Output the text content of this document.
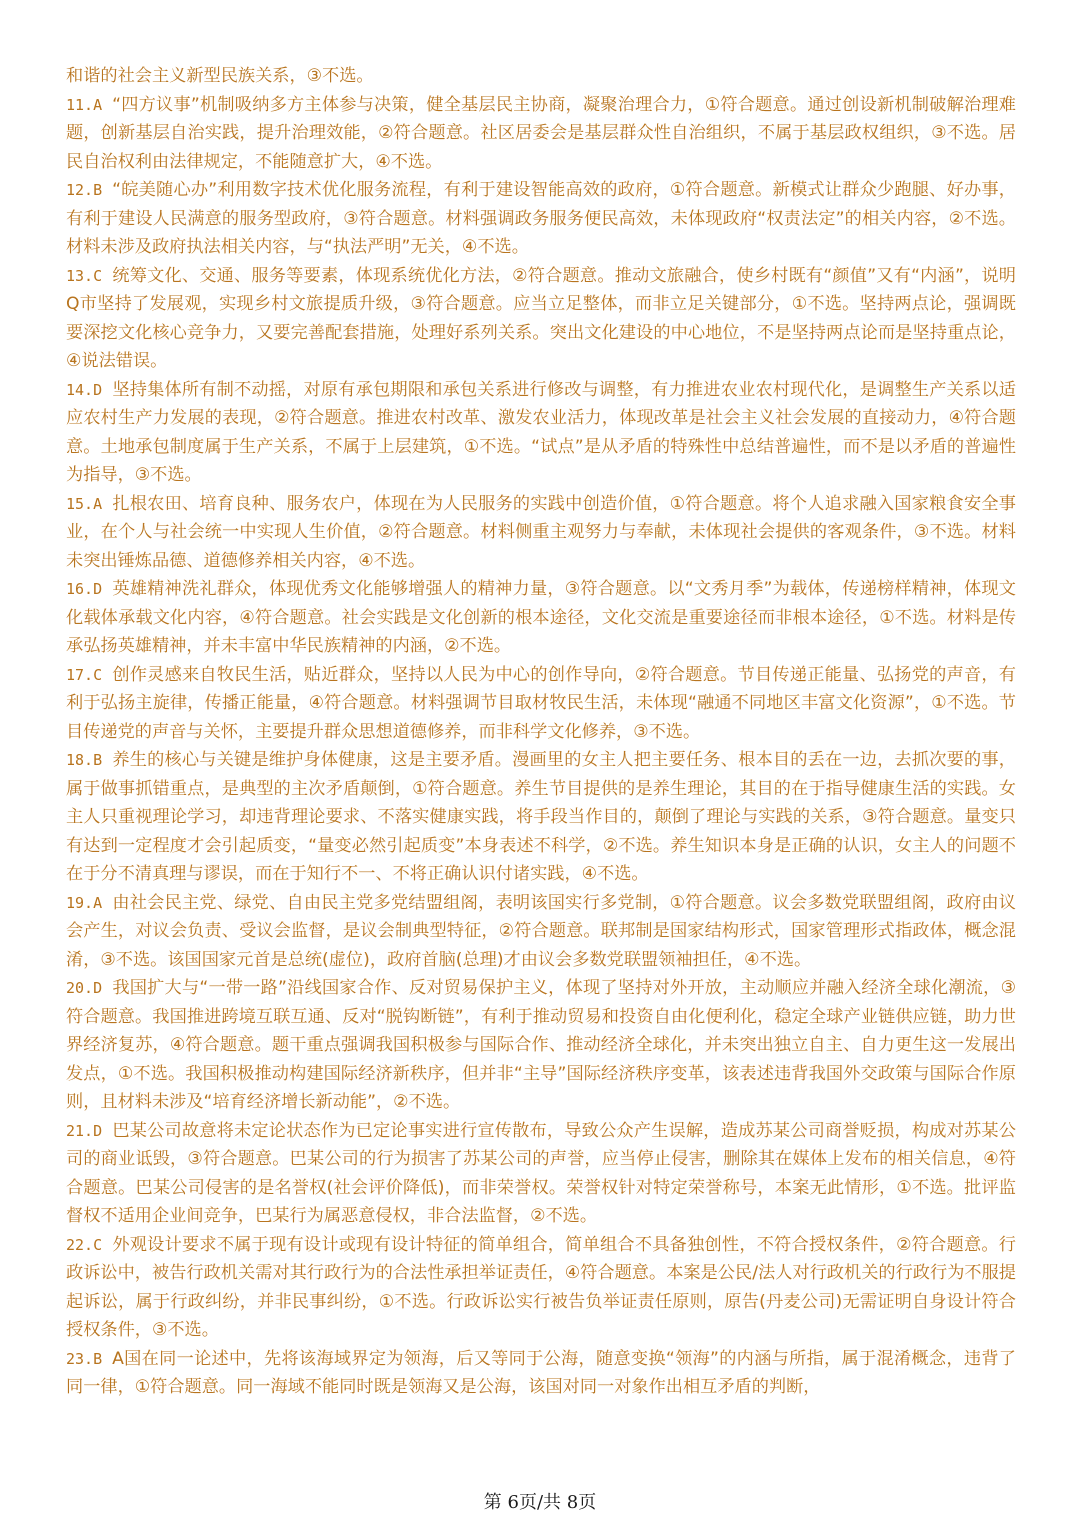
和谐的社会主义新型民族关系，③不选。

11.A “四方议事”机制吸纳多方主体参与决策，健全基层民主协商，凝聚治理合力，①符合题意。通过创设新机制破解治理难题，创新基层自治实践，提升治理效能，②符合题意。社区居委会是基层群众性自治组织，不属于基层政权组织，③不选。居民自治权利由法律规定，不能随意扩大，④不选。

12.B “皖美随心办”利用数字技术优化服务流程，有利于建设智能高效的政府，①符合题意。新模式让群众少跑腿、好办事，有利于建设人民满意的服务型政府，③符合题意。材料强调政务服务便民高效，未体现政府“权责法定”的相关内容，②不选。材料未涉及政府执法相关内容，与“执法严明”无关，④不选。

13.C 统筹文化、交通、服务等要素，体现系统优化方法，②符合题意。推动文旅融合，使乡村既有“颜值”又有“内涵”，说明Q市坚持了发展观，实现乡村文旅提质升级，③符合题意。应当立足整体，而非立足关键部分，①不选。坚持两点论，强调既要深挖文化核心竞争力，又要完善配套措施，处理好系列关系。突出文化建设的中心地位，不是坚持两点论而是坚持重点论，④说法错误。

14.D 坚持集体所有制不动摇，对原有承包期限和承包关系进行修改与调整，有力推进农业农村现代化，是调整生产关系以适应农村生产力发展的表现，②符合题意。推进农村改革、激发农业活力，体现改革是社会主义社会发展的直接动力，④符合题意。土地承包制度属于生产关系，不属于上层建筑，①不选。“试点”是从矛盾的特殊性中总结普遍性，而不是以矛盾的普遍性为指导，③不选。

15.A 扎根农田、培育良种、服务农户，体现在为人民服务的实践中创造价值，①符合题意。将个人追求融入国家粮食安全事业，在个人与社会统一中实现人生价值，②符合题意。材料侧重主观努力与奉献，未体现社会提供的客观条件，③不选。材料未突出锤炼品德、道德修养相关内容，④不选。

16.D 英雄精神洗礼群众，体现优秀文化能够增强人的精神力量，③符合题意。以“文秀月季”为载体，传递榜样精神，体现文化载体承载文化内容，④符合题意。社会实践是文化创新的根本途径，文化交流是重要途径而非根本途径，①不选。材料是传承弘扬英雄精神，并未丰富中华民族精神的内涵，②不选。

17.C 创作灵感来自牧民生活，贴近群众，坚持以人民为中心的创作导向，②符合题意。节目传递正能量、弘扬党的声音，有利于弘扬主旋律，传播正能量，④符合题意。材料强调节目取材牧民生活，未体现“融通不同地区丰富文化资源”，①不选。节目传递党的声音与关怀，主要提升群众思想道德修养，而非科学文化修养，③不选。

18.B 养生的核心与关键是维护身体健康，这是主要矛盾。漫画里的女主人把主要任务、根本目的丢在一边，去抓次要的事，属于做事抓错重点，是典型的主次矛盾颠倒，①符合题意。养生节目提供的是养生理论，其目的在于指导健康生活的实践。女主人只重视理论学习，却违背理论要求、不落实健康实践，将手段当作目的，颠倒了理论与实践的关系，③符合题意。量变只有达到一定程度才会引起质变，“量变必然引起质变”本身表述不科学，②不选。养生知识本身是正确的认识，女主人的问题不在于分不清真理与谬误，而在于知行不一、不将正确认识付诸实践，④不选。

19.A 由社会民主党、绿党、自由民主党多党结盟组阁，表明该国实行多党制，①符合题意。议会多数党联盟组阁，政府由议会产生，对议会负责、受议会监督，是议会制典型特征，②符合题意。联邦制是国家结构形式，国家管理形式指政体，概念混淆，③不选。该国国家元首是总统(虚位)，政府首脑(总理)才由议会多数党联盟领袖担任，④不选。

20.D 我国扩大与“一带一路”沿线国家合作、反对贸易保护主义，体现了坚持对外开放，主动顺应并融入经济全球化潮流，③符合题意。我国推进跨境互联互通、反对“脱钩断链”，有利于推动贸易和投资自由化便利化，稳定全球产业链供应链，助力世界经济复苏，④符合题意。题干重点强调我国积极参与国际合作、推动经济全球化，并未突出独立自主、自力更生这一发展出发点，①不选。我国积极推动构建国际经济新秩序，但并非“主导”国际经济秩序变革，该表述违背我国外交政策与国际合作原则，且材料未涉及“培育经济增长新动能”，②不选。

21.D 巴某公司故意将未定论状态作为已定论事实进行宣传散布，导致公众产生误解，造成苏某公司商誉贬损，构成对苏某公司的商业诋毁，③符合题意。巴某公司的行为损害了苏某公司的声誉，应当停止侵害，删除其在媒体上发布的相关信息，④符合题意。巴某公司侵害的是名誉权(社会评价降低)，而非荣誉权。荣誉权针对特定荣誉称号，本案无此情形，①不选。批评监督权不适用企业间竞争，巴某行为属恶意侵权，非合法监督，②不选。

22.C 外观设计要求不属于现有设计或现有设计特征的简单组合，简单组合不具备独创性，不符合授权条件，②符合题意。行政诉讼中，被告行政机关需对其行政行为的合法性承担举证责任，④符合题意。本案是公民/法人对行政机关的行政行为不服提起诉讼，属于行政纠纷，并非民事纠纷，①不选。行政诉讼实行被告负举证责任原则，原告(丹麦公司)无需证明自身设计符合授权条件，③不选。

23.B A国在同一论述中，先将该海域界定为领海，后又等同于公海，随意变换“领海”的内涵与所指，属于混淆概念，违背了同一律，①符合题意。同一海域不能同时既是领海又是公海，该国对同一对象作出相互矛盾的判断，

第 6页/共 8页
